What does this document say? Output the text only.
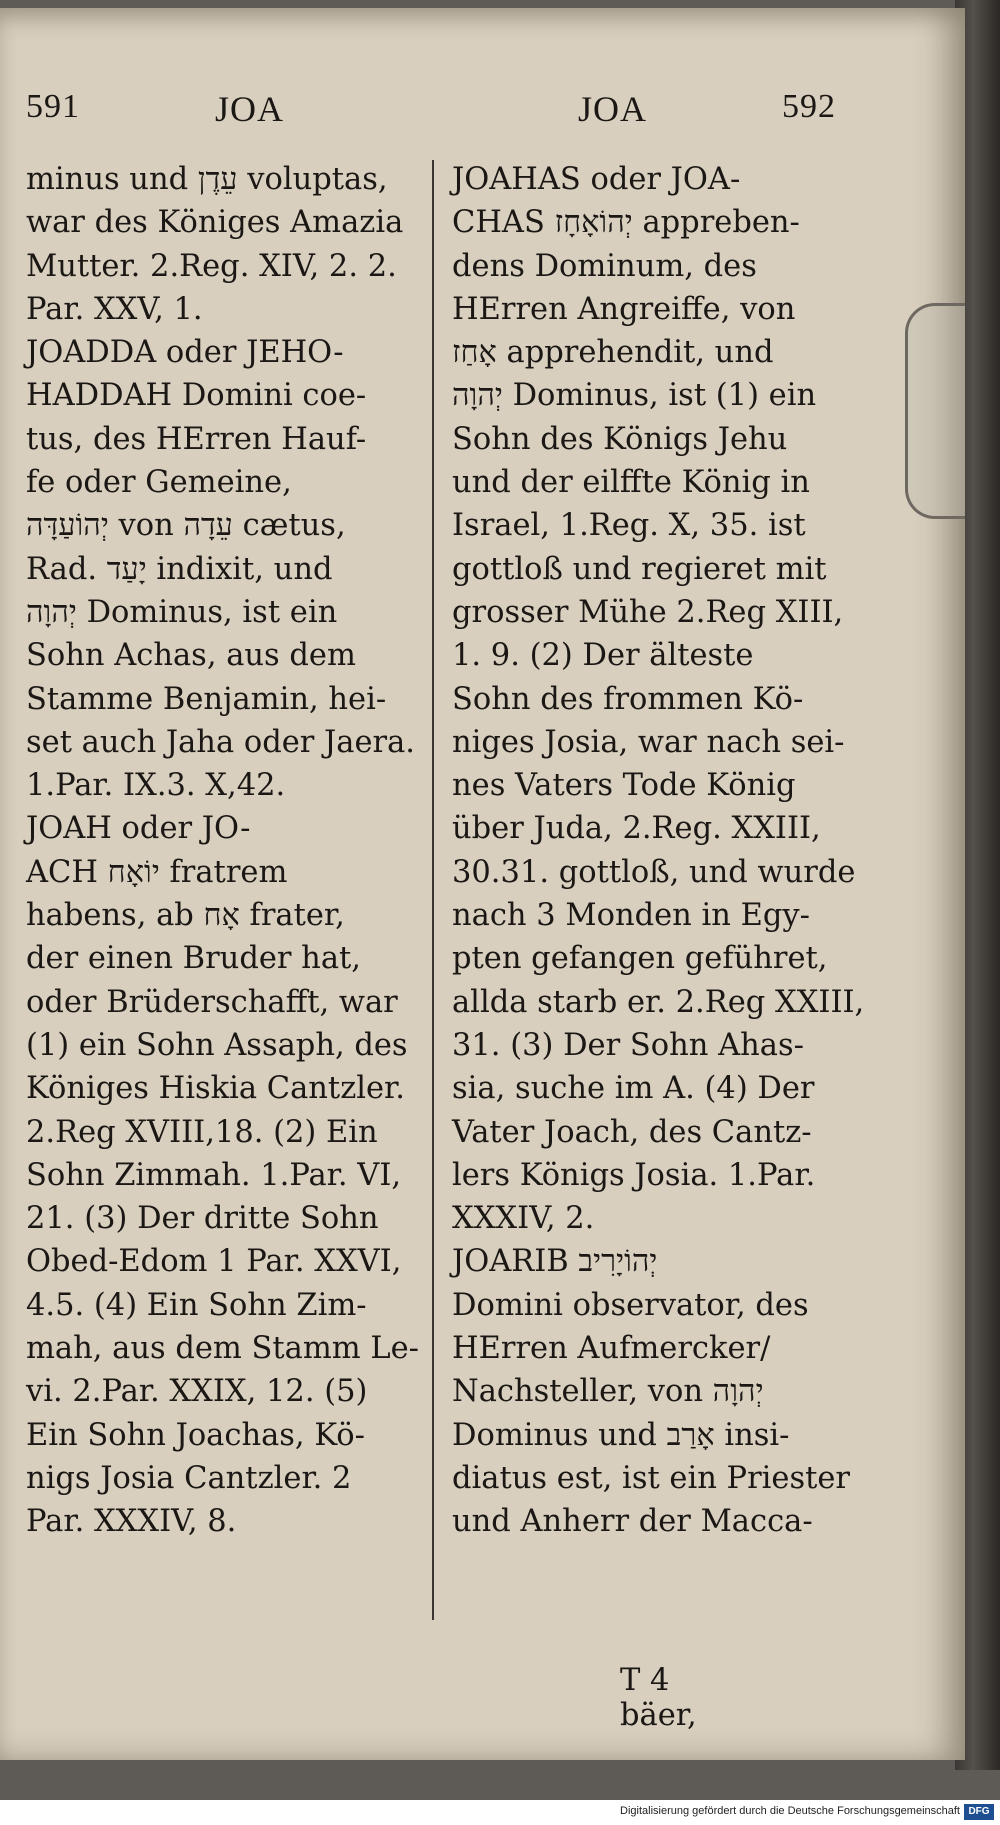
591	JOA	JOA	592
minus und עֵדֶן voluptas,
war des Königes Amazia
Mutter. 2.Reg. XIV, 2. 2.
Par. XXV, 1.
JOADDA oder JEHO-
HADDAH Domini coe-
tus, des HErren Hauf-
fe oder Gemeine,
יְהוֹעַדָּה von עֵדָה cætus,
Rad. יָעַד indixit, und
יְהוָה Dominus, ist ein
Sohn Achas, aus dem
Stamme Benjamin, hei-
set auch Jaha oder Jaera.
1.Par. IX.3. X,42.
JOAH oder JO-
ACH יוֹאָח fratrem
habens, ab אָח frater,
der einen Bruder hat,
oder Brüderschafft, war
(1) ein Sohn Assaph, des
Königes Hiskia Cantzler.
2.Reg XVIII,18. (2) Ein
Sohn Zimmah. 1.Par. VI,
21. (3) Der dritte Sohn
Obed-Edom 1 Par. XXVI,
4.5. (4) Ein Sohn Zim-
mah, aus dem Stamm Le-
vi. 2.Par. XXIX, 12. (5)
Ein Sohn Joachas, Kö-
nigs Josia Cantzler. 2
Par. XXXIV, 8.
JOAHAS oder JOA-
CHAS יְהוֹאָחָז appreben-
dens Dominum, des
HErren Angreiffe, von
אָחַז apprehendit, und
יְהוָה Dominus, ist (1) ein
Sohn des Königs Jehu
und der eilffte König in
Israel, 1.Reg. X, 35. ist
gottloß und regieret mit
grosser Mühe 2.Reg XIII,
1. 9. (2) Der älteste
Sohn des frommen Kö-
niges Josia, war nach sei-
nes Vaters Tode König
über Juda, 2.Reg. XXIII,
30.31. gottloß, und wurde
nach 3 Monden in Egy-
pten gefangen geführet,
allda starb er. 2.Reg XXIII,
31. (3) Der Sohn Ahas-
sia, suche im A. (4) Der
Vater Joach, des Cantz-
lers Königs Josia. 1.Par.
XXXIV, 2.
JOARIB יְהוֹיָרִיב
Domini observator, des
HErren Aufmercker/
Nachsteller, von יְהוָה
Dominus und אָרַב insi-
diatus est, ist ein Priester
und Anherr der Macca-
T 4  bäer,
Digitalisierung gefördert durch die Deutsche Forschungsgemeinschaft DFG
